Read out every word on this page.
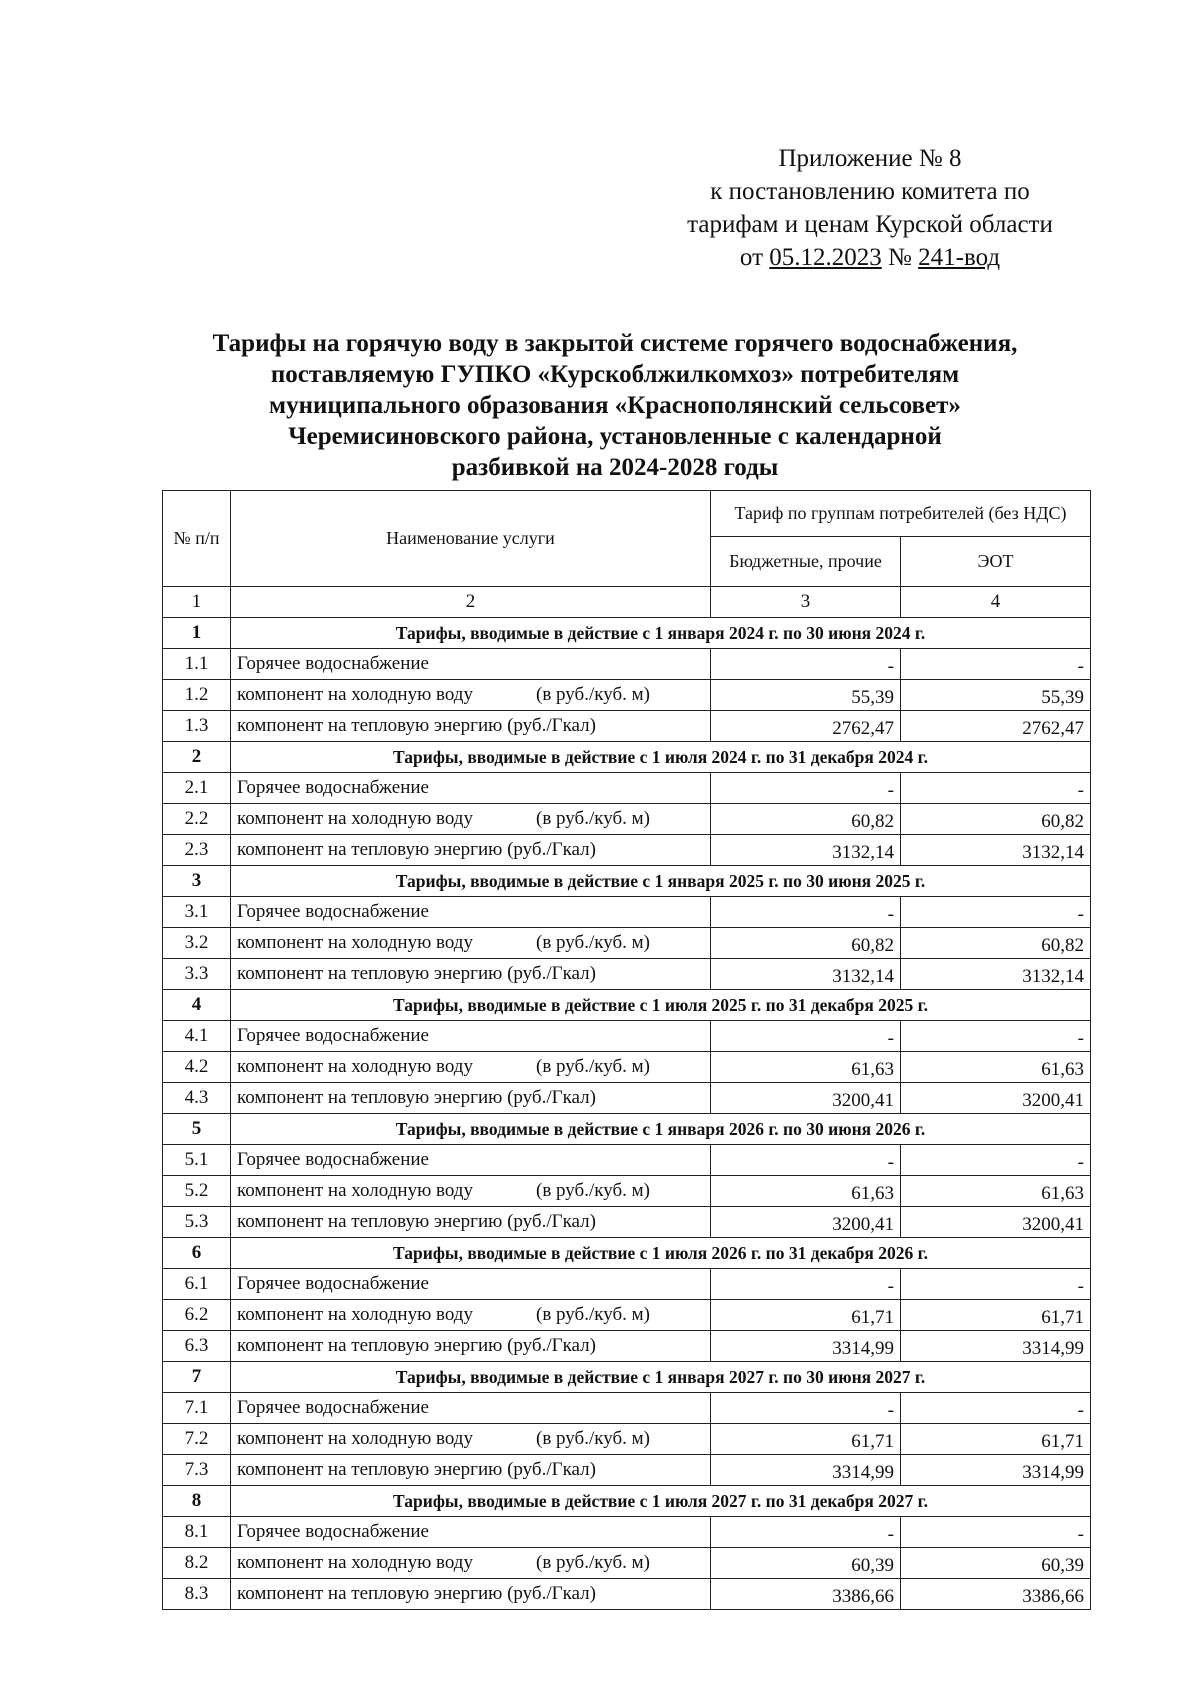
Приложение № 8
к постановлению комитета по
тарифам и ценам Курской области
от 05.12.2023 № 241-вод
Тарифы на горячую воду в закрытой системе горячего водоснабжения,
поставляемую ГУПКО «Курскоблжилкомхоз» потребителям
муниципального образования «Краснополянский сельсовет»
Черемисиновского района, установленные с календарной
разбивкой на 2024-2028 годы
№ п/п	Наименование услуги	Тариф по группам потребителей (без НДС)	
		Бюджетные, прочие	ЭОТ
1	2	3	4
1	Тарифы, вводимые в действие с 1 января 2024 г. по 30 июня 2024 г.		
1.1	Горячее водоснабжение	-	-
1.2	компонент на холодную воду (в руб./куб. м)	55,39	55,39
1.3	компонент на тепловую энергию (руб./Гкал)	2762,47	2762,47
2	Тарифы, вводимые в действие с 1 июля 2024 г. по 31 декабря 2024 г.		
2.1	Горячее водоснабжение	-	-
2.2	компонент на холодную воду (в руб./куб. м)	60,82	60,82
2.3	компонент на тепловую энергию (руб./Гкал)	3132,14	3132,14
3	Тарифы, вводимые в действие с 1 января 2025 г. по 30 июня 2025 г.		
3.1	Горячее водоснабжение	-	-
3.2	компонент на холодную воду (в руб./куб. м)	60,82	60,82
3.3	компонент на тепловую энергию (руб./Гкал)	3132,14	3132,14
4	Тарифы, вводимые в действие с 1 июля 2025 г. по 31 декабря 2025 г.		
4.1	Горячее водоснабжение	-	-
4.2	компонент на холодную воду (в руб./куб. м)	61,63	61,63
4.3	компонент на тепловую энергию (руб./Гкал)	3200,41	3200,41
5	Тарифы, вводимые в действие с 1 января 2026 г. по 30 июня 2026 г.		
5.1	Горячее водоснабжение	-	-
5.2	компонент на холодную воду (в руб./куб. м)	61,63	61,63
5.3	компонент на тепловую энергию (руб./Гкал)	3200,41	3200,41
6	Тарифы, вводимые в действие с 1 июля 2026 г. по 31 декабря 2026 г.		
6.1	Горячее водоснабжение	-	-
6.2	компонент на холодную воду (в руб./куб. м)	61,71	61,71
6.3	компонент на тепловую энергию (руб./Гкал)	3314,99	3314,99
7	Тарифы, вводимые в действие с 1 января 2027 г. по 30 июня 2027 г.		
7.1	Горячее водоснабжение	-	-
7.2	компонент на холодную воду (в руб./куб. м)	61,71	61,71
7.3	компонент на тепловую энергию (руб./Гкал)	3314,99	3314,99
8	Тарифы, вводимые в действие с 1 июля 2027 г. по 31 декабря 2027 г.		
8.1	Горячее водоснабжение	-	-
8.2	компонент на холодную воду (в руб./куб. м)	60,39	60,39
8.3	компонент на тепловую энергию (руб./Гкал)	3386,66	3386,66
